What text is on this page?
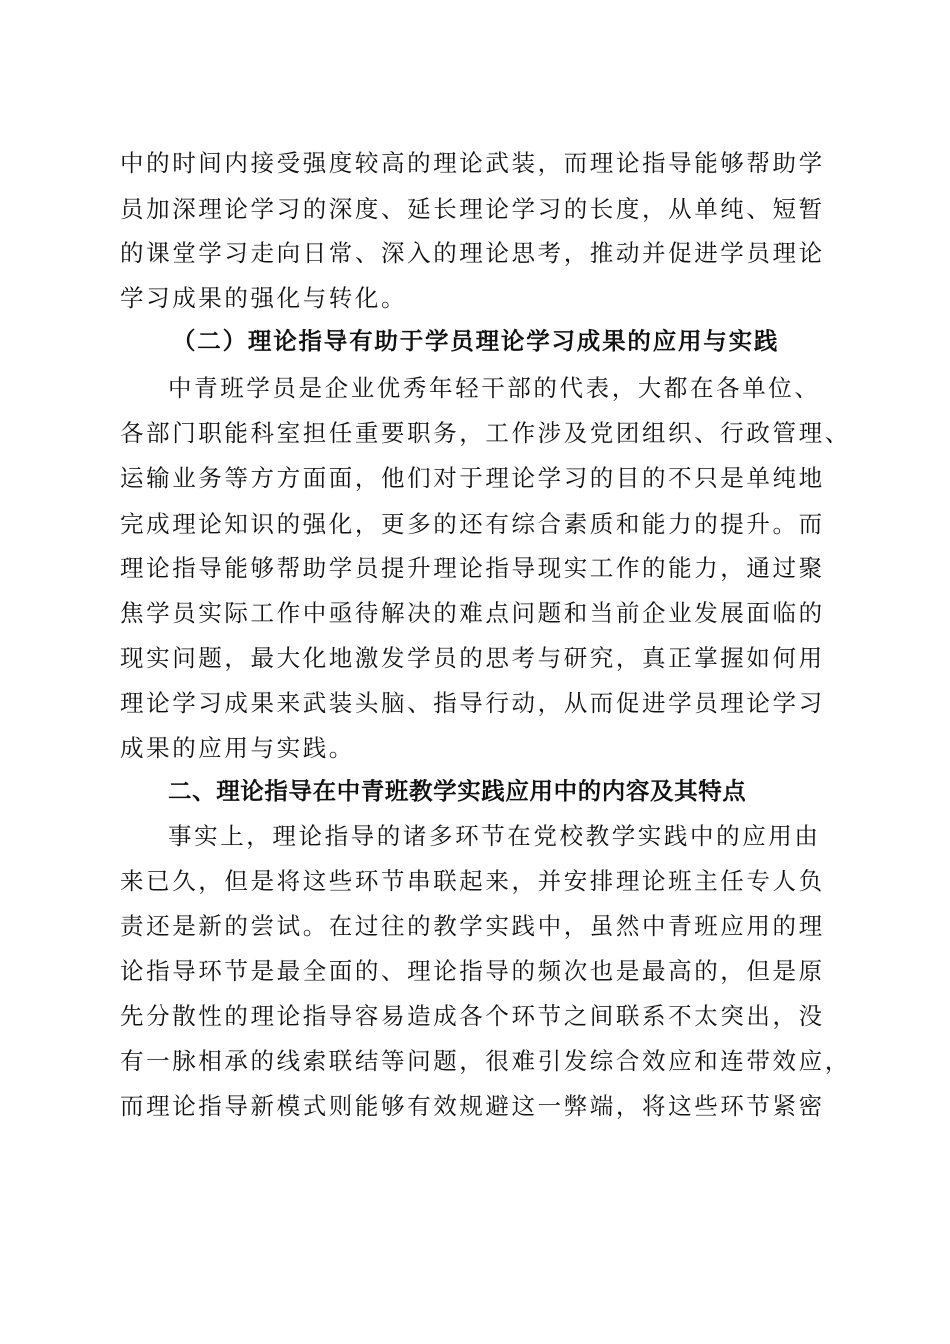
中的时间内接受强度较高的理论武装，而理论指导能够帮助学
员加深理论学习的深度、延长理论学习的长度，从单纯、短暂
的课堂学习走向日常、深入的理论思考，推动并促进学员理论
学习成果的强化与转化。
（二）理论指导有助于学员理论学习成果的应用与实践
中青班学员是企业优秀年轻干部的代表，大都在各单位、
各部门职能科室担任重要职务，工作涉及党团组织、行政管理、
运输业务等方方面面，他们对于理论学习的目的不只是单纯地
完成理论知识的强化，更多的还有综合素质和能力的提升。而
理论指导能够帮助学员提升理论指导现实工作的能力，通过聚
焦学员实际工作中亟待解决的难点问题和当前企业发展面临的
现实问题，最大化地激发学员的思考与研究，真正掌握如何用
理论学习成果来武装头脑、指导行动，从而促进学员理论学习
成果的应用与实践。
二、理论指导在中青班教学实践应用中的内容及其特点
事实上，理论指导的诸多环节在党校教学实践中的应用由
来已久，但是将这些环节串联起来，并安排理论班主任专人负
责还是新的尝试。在过往的教学实践中，虽然中青班应用的理
论指导环节是最全面的、理论指导的频次也是最高的，但是原
先分散性的理论指导容易造成各个环节之间联系不太突出，没
有一脉相承的线索联结等问题，很难引发综合效应和连带效应，
而理论指导新模式则能够有效规避这一弊端，将这些环节紧密
